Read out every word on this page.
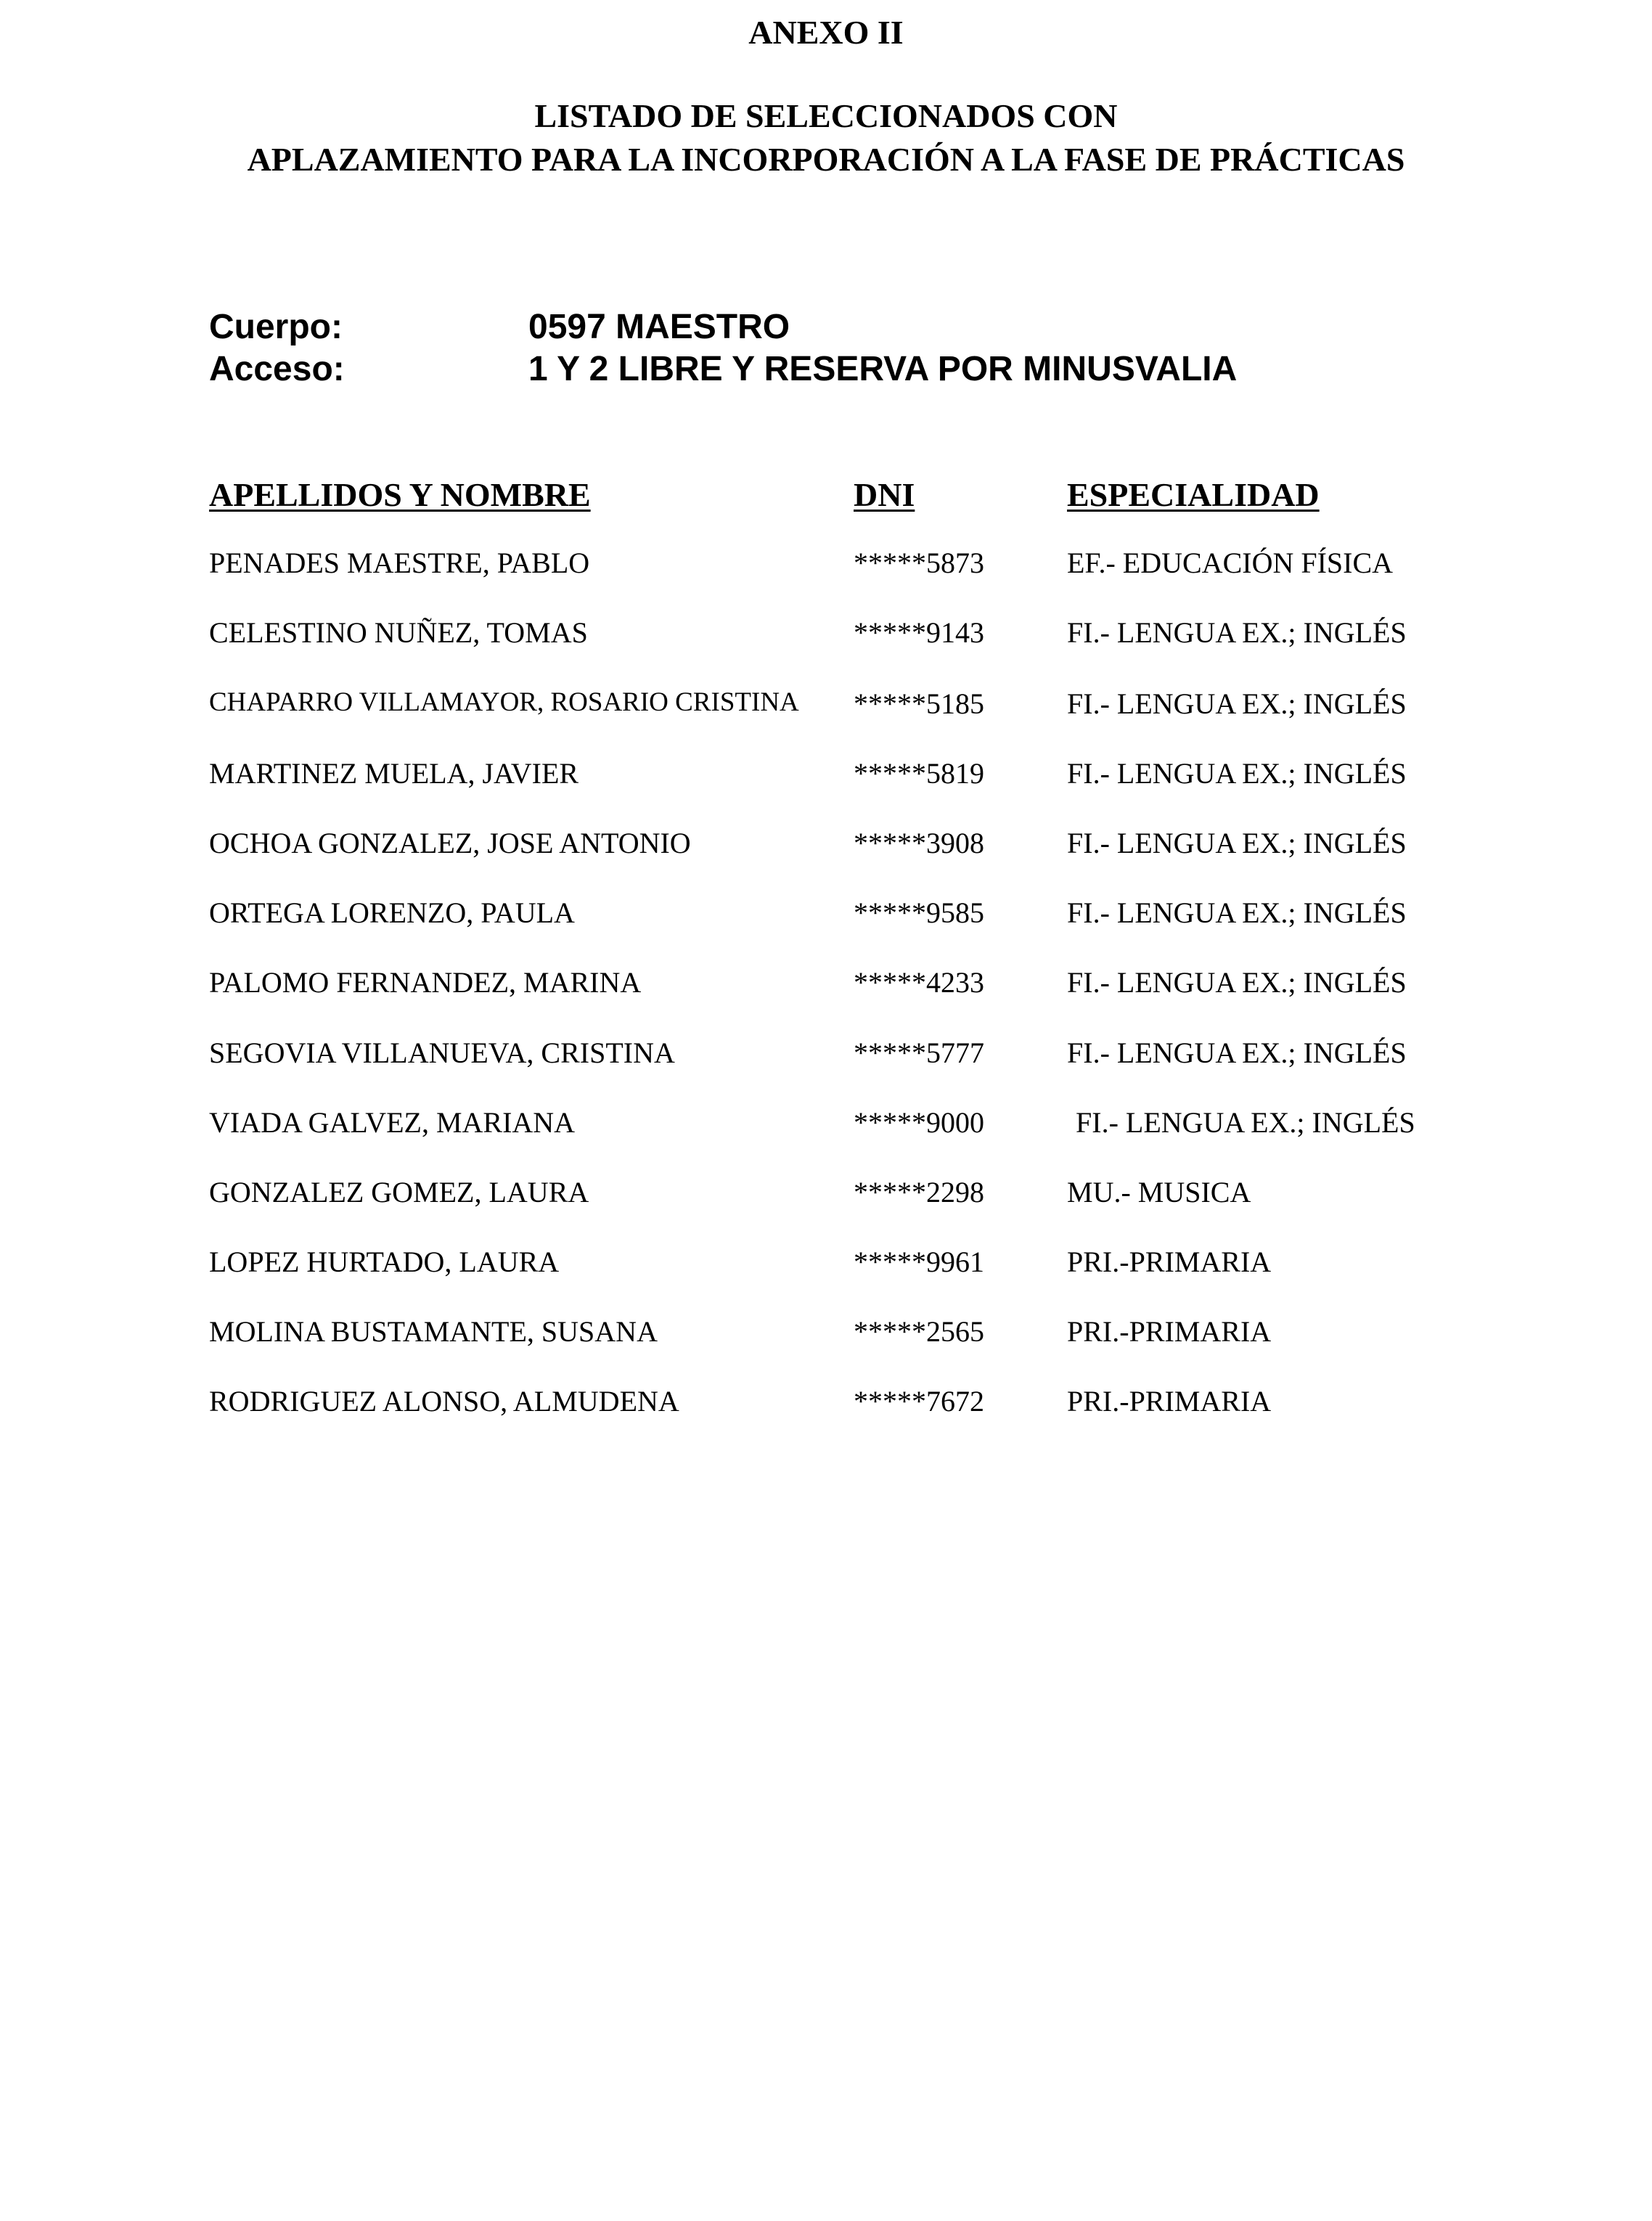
ANEXO II
LISTADO DE SELECCIONADOS CON
APLAZAMIENTO PARA LA INCORPORACIÓN A LA FASE DE PRÁCTICAS
Cuerpo:	0597 MAESTRO
Acceso:	1 Y 2 LIBRE Y RESERVA POR MINUSVALIA
APELLIDOS Y NOMBRE	DNI	ESPECIALIDAD
PENADES MAESTRE, PABLO	*****5873	EF.- EDUCACIÓN FÍSICA
CELESTINO NUÑEZ, TOMAS	*****9143	FI.- LENGUA EX.; INGLÉS
CHAPARRO VILLAMAYOR, ROSARIO CRISTINA *****5185	FI.- LENGUA EX.; INGLÉS
MARTINEZ MUELA, JAVIER	*****5819	FI.- LENGUA EX.; INGLÉS
OCHOA GONZALEZ, JOSE ANTONIO	*****3908	FI.- LENGUA EX.; INGLÉS
ORTEGA LORENZO, PAULA	*****9585	FI.- LENGUA EX.; INGLÉS
PALOMO FERNANDEZ, MARINA	*****4233	FI.- LENGUA EX.; INGLÉS
SEGOVIA VILLANUEVA, CRISTINA	*****5777	FI.- LENGUA EX.; INGLÉS
VIADA GALVEZ, MARIANA	*****9000	FI.- LENGUA EX.; INGLÉS
GONZALEZ GOMEZ, LAURA	*****2298	MU.- MUSICA
LOPEZ HURTADO, LAURA	*****9961	PRI.-PRIMARIA
MOLINA BUSTAMANTE, SUSANA	*****2565	PRI.-PRIMARIA
RODRIGUEZ ALONSO, ALMUDENA	*****7672	PRI.-PRIMARIA
